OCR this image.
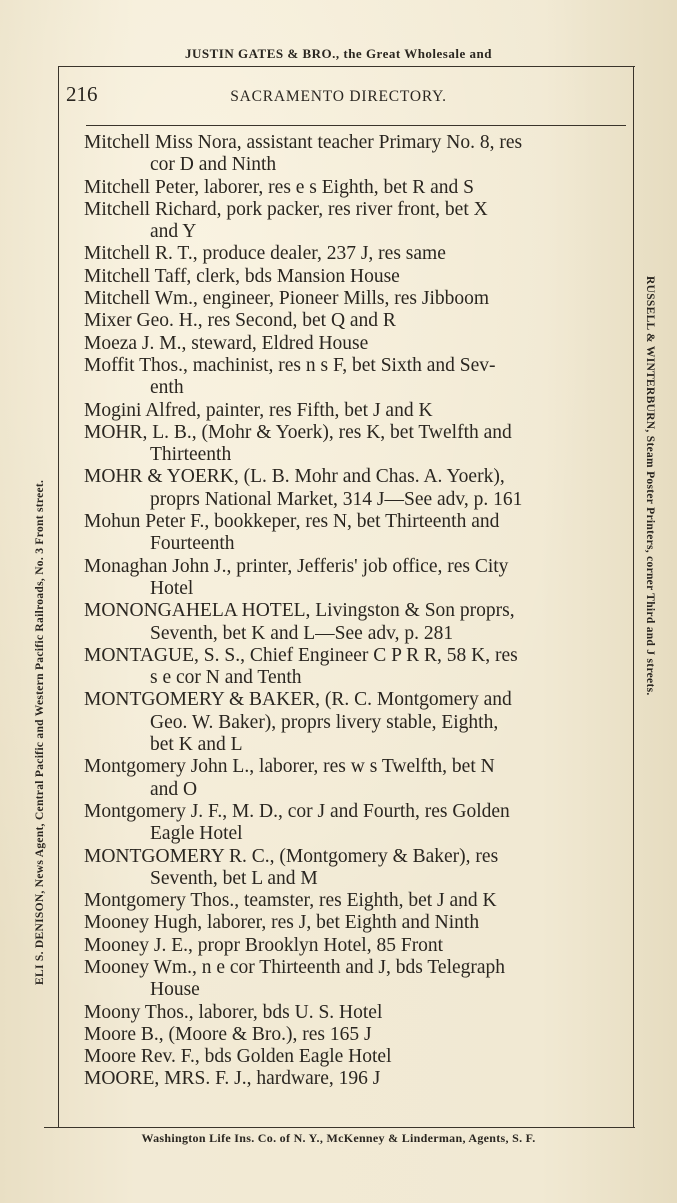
JUSTIN GATES & BRO., the Great Wholesale and
216	SACRAMENTO DIRECTORY.
ELI S. DENISON, News Agent, Central Pacific and Western Pacific Railroads, No. 3 Front street.	RUSSELL & WINTERBURN, Steam Poster Printers, corner Third and J streets.
Mitchell Miss Nora, assistant teacher Primary No. 8, res
cor D and Ninth
Mitchell Peter, laborer, res e s Eighth, bet R and S
Mitchell Richard, pork packer, res river front, bet X
and Y
Mitchell R. T., produce dealer, 237 J, res same
Mitchell Taff, clerk, bds Mansion House
Mitchell Wm., engineer, Pioneer Mills, res Jibboom
Mixer Geo. H., res Second, bet Q and R
Moeza J. M., steward, Eldred House
Moffit Thos., machinist, res n s F, bet Sixth and Sev-
enth
Mogini Alfred, painter, res Fifth, bet J and K
MOHR, L. B., (Mohr & Yoerk), res K, bet Twelfth and
Thirteenth
MOHR & YOERK, (L. B. Mohr and Chas. A. Yoerk),
proprs National Market, 314 J—See adv, p. 161
Mohun Peter F., bookkeper, res N, bet Thirteenth and
Fourteenth
Monaghan John J., printer, Jefferis' job office, res City
Hotel
MONONGAHELA HOTEL, Livingston & Son proprs,
Seventh, bet K and L—See adv, p. 281
MONTAGUE, S. S., Chief Engineer C P R R, 58 K, res
s e cor N and Tenth
MONTGOMERY & BAKER, (R. C. Montgomery and
Geo. W. Baker), proprs livery stable, Eighth,
bet K and L
Montgomery John L., laborer, res w s Twelfth, bet N
and O
Montgomery J. F., M. D., cor J and Fourth, res Golden
Eagle Hotel
MONTGOMERY R. C., (Montgomery & Baker), res
Seventh, bet L and M
Montgomery Thos., teamster, res Eighth, bet J and K
Mooney Hugh, laborer, res J, bet Eighth and Ninth
Mooney J. E., propr Brooklyn Hotel, 85 Front
Mooney Wm., n e cor Thirteenth and J, bds Telegraph
House
Moony Thos., laborer, bds U. S. Hotel
Moore B., (Moore & Bro.), res 165 J
Moore Rev. F., bds Golden Eagle Hotel
MOORE, MRS. F. J., hardware, 196 J
Washington Life Ins. Co. of N. Y., McKenney & Linderman, Agents, S. F.
